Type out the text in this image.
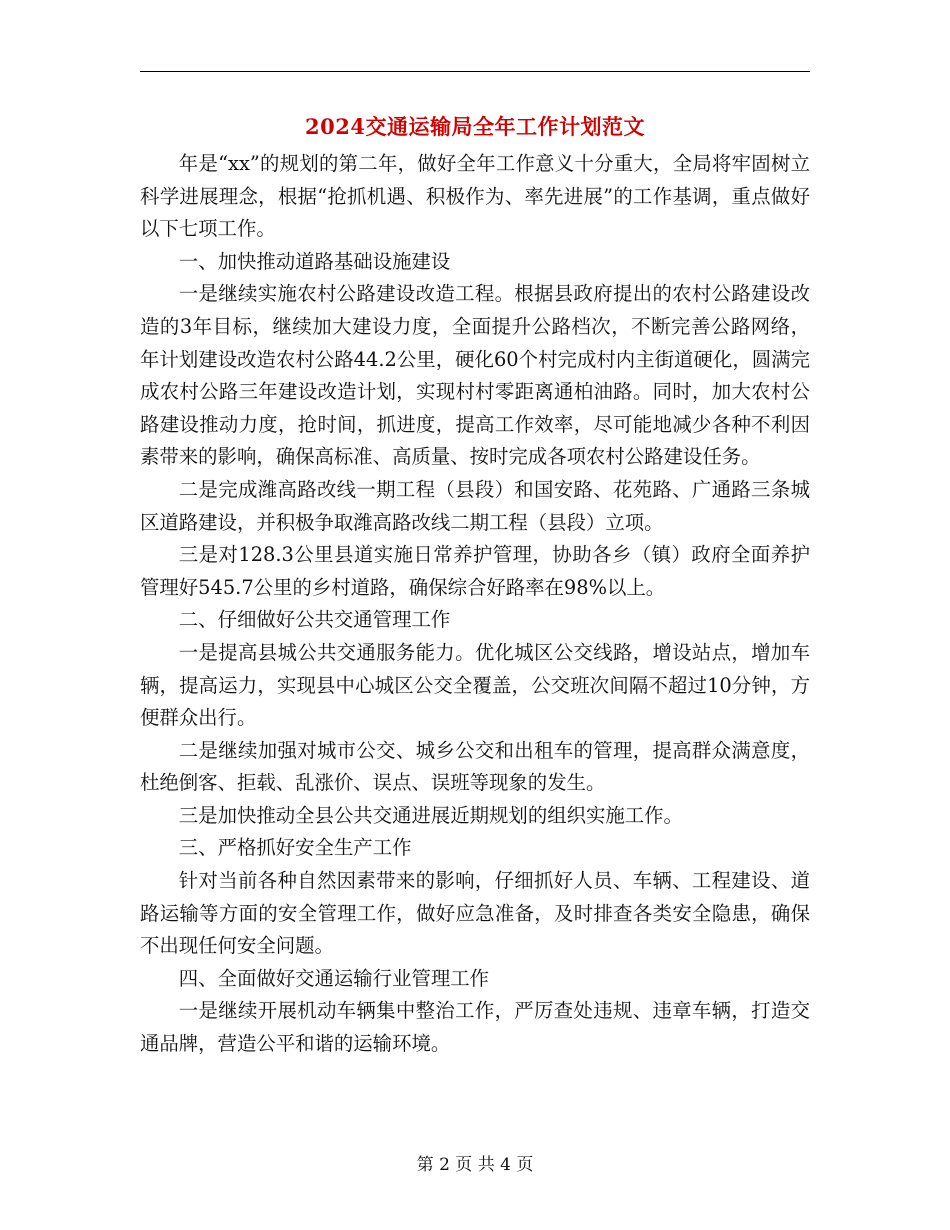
2024交通运输局全年工作计划范文

年是“xx”的规划的第二年，做好全年工作意义十分重大，全局将牢固树立科学进展理念，根据“抢抓机遇、积极作为、率先进展”的工作基调，重点做好以下七项工作。

一、加快推动道路基础设施建设

一是继续实施农村公路建设改造工程。根据县政府提出的农村公路建设改造的3年目标，继续加大建设力度，全面提升公路档次，不断完善公路网络，年计划建设改造农村公路44.2公里，硬化60个村完成村内主街道硬化，圆满完成农村公路三年建设改造计划，实现村村零距离通柏油路。同时，加大农村公路建设推动力度，抢时间，抓进度，提高工作效率，尽可能地减少各种不利因素带来的影响，确保高标准、高质量、按时完成各项农村公路建设任务。

二是完成潍高路改线一期工程（县段）和国安路、花苑路、广通路三条城区道路建设，并积极争取潍高路改线二期工程（县段）立项。

三是对128.3公里县道实施日常养护管理，协助各乡（镇）政府全面养护管理好545.7公里的乡村道路，确保综合好路率在98%以上。

二、仔细做好公共交通管理工作

一是提高县城公共交通服务能力。优化城区公交线路，增设站点，增加车辆，提高运力，实现县中心城区公交全覆盖，公交班次间隔不超过10分钟，方便群众出行。

二是继续加强对城市公交、城乡公交和出租车的管理，提高群众满意度，杜绝倒客、拒载、乱涨价、误点、误班等现象的发生。

三是加快推动全县公共交通进展近期规划的组织实施工作。

三、严格抓好安全生产工作

针对当前各种自然因素带来的影响，仔细抓好人员、车辆、工程建设、道路运输等方面的安全管理工作，做好应急准备，及时排查各类安全隐患，确保不出现任何安全问题。

四、全面做好交通运输行业管理工作

一是继续开展机动车辆集中整治工作，严厉查处违规、违章车辆，打造交通品牌，营造公平和谐的运输环境。

第 2 页 共 4 页
